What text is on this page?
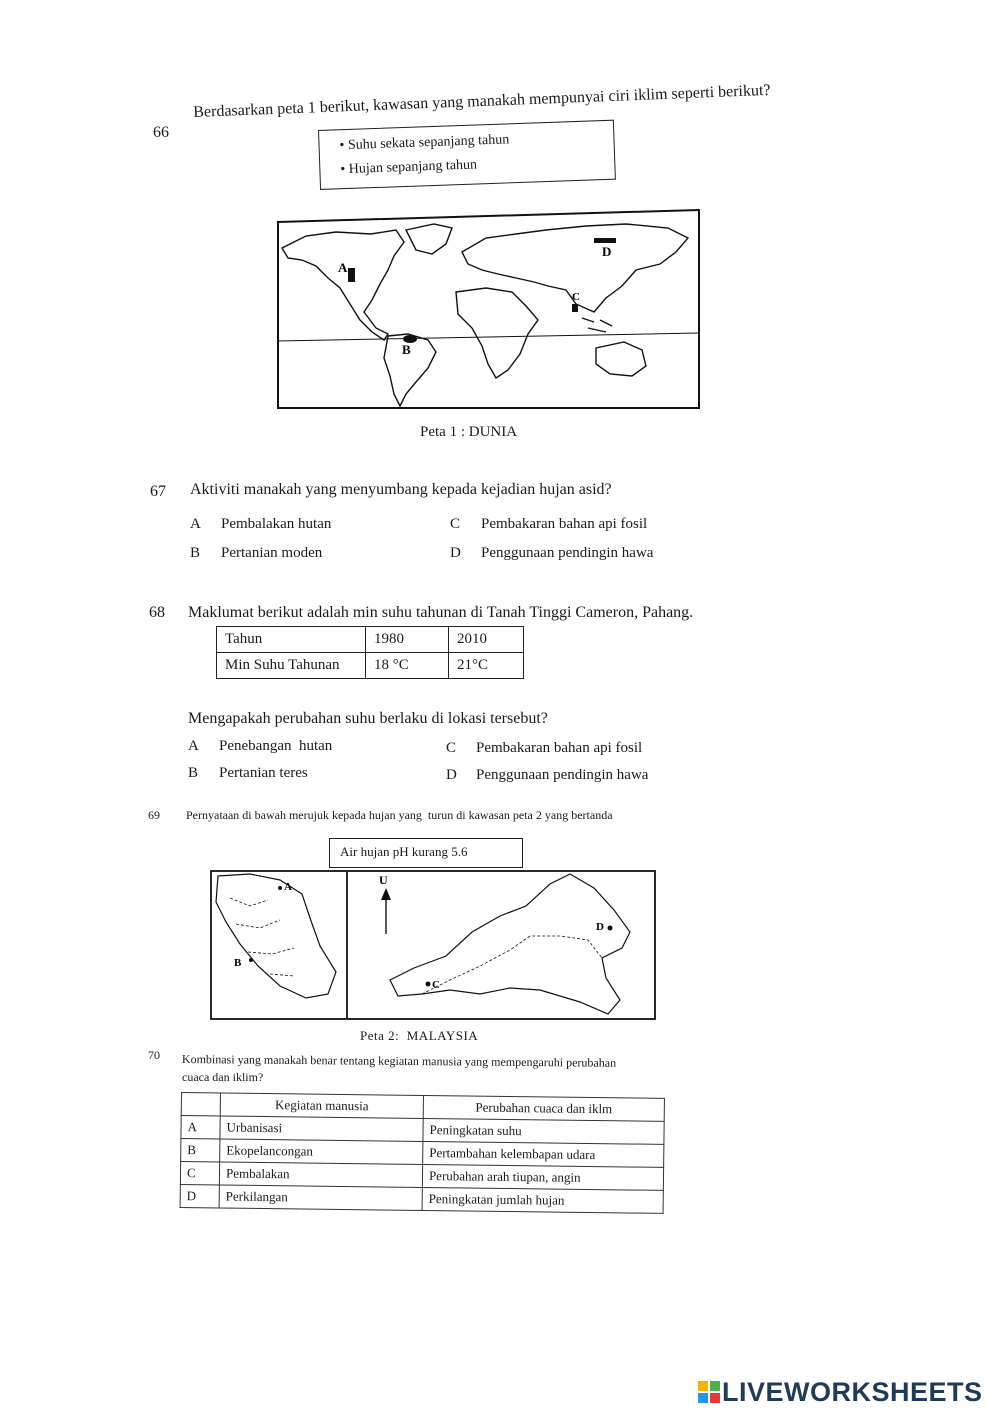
66
Berdasarkan peta 1 berikut, kawasan yang manakah mempunyai ciri iklim seperti berikut?
• Suhu sekata sepanjang tahun
• Hujan sepanjang tahun
A
B
C
D
Peta 1 : DUNIA
67 Aktiviti manakah yang menyumbang kepada kejadian hujan asid?
A Pembalakan hutan
B Pertanian moden
C Pembakaran bahan api fosil
D Penggunaan pendingin hawa
68 Maklumat berikut adalah min suhu tahunan di Tanah Tinggi Cameron, Pahang.
Tahun	1980	2010
Min Suhu Tahunan	18 °C	21°C
Mengapakah perubahan suhu berlaku di lokasi tersebut?
A Penebangan  hutan
B Pertanian teres
C Pembakaran bahan api fosil
D Penggunaan pendingin hawa
69 Pernyataan di bawah merujuk kepada hujan yang  turun di kawasan peta 2 yang bertanda
Air hujan pH kurang 5.6
U
A
B
C
D
Peta 2:  MALAYSIA
70 Kombinasi yang manakah benar tentang kegiatan manusia yang mempengaruhi perubahan
cuaca dan iklim?
	Kegiatan manusia	Perubahan cuaca dan iklm
A	Urbanisasi	Peningkatan suhu
B	Ekopelancongan	Pertambahan kelembapan udara
C	Pembalakan	Perubahan arah tiupan, angin
D	Perkilangan	Peningkatan jumlah hujan
LIVEWORKSHEETS
